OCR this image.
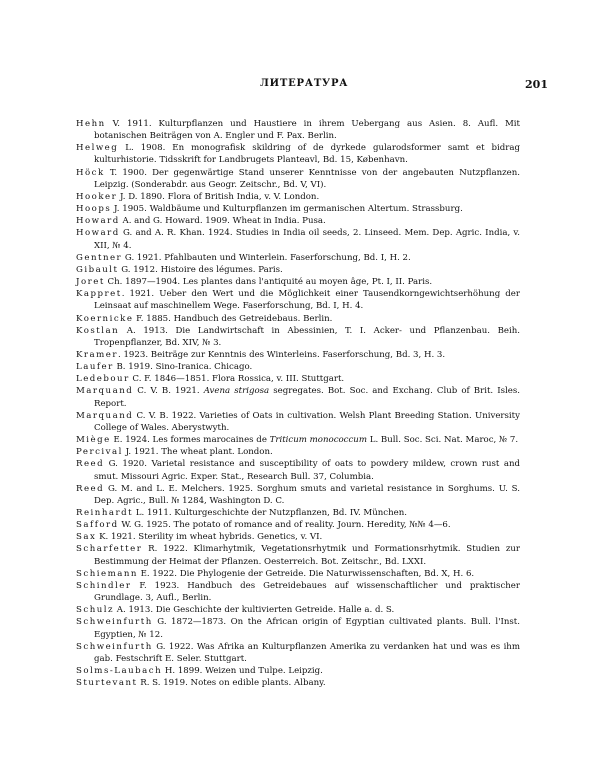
ЛИТЕРАТУРА	201
Hehn V. 1911. Kulturpflanzen und Haustiere in ihrem Uebergang aus Asien. 8. Aufl. Mit botanischen Beiträgen von A. Engler und F. Pax. Berlin.
Helweg L. 1908. En monografisk skildring of de dyrkede gularodsformer samt et bidrag kulturhistorie. Tidsskrift for Landbrugets Planteavl, Bd. 15, København.
Höck T. 1900. Der gegenwärtige Stand unserer Kenntnisse von der angebauten Nutzpflanzen. Leipzig. (Sonderabdr. aus Geogr. Zeitschr., Bd. V, VI).
Hooker J. D. 1890. Flora of British India, v. V. London.
Hoops J. 1905. Waldbäume und Kulturpflanzen im germanischen Altertum. Strassburg.
Howard A. and G. Howard. 1909. Wheat in India. Pusa.
Howard G. and A. R. Khan. 1924. Studies in India oil seeds, 2. Linseed. Mem. Dep. Agric. India, v. XII, № 4.
Gentner G. 1921. Pfahlbauten und Winterlein. Faserforschung, Bd. I, H. 2.
Gibault G. 1912. Histoire des légumes. Paris.
Joret Ch. 1897—1904. Les plantes dans l'antiquité au moyen âge, Pt. I, II. Paris.
Kappret. 1921. Ueber den Wert und die Möglichkeit einer Tausendkorngewichtserhöhung der Leinsaat auf maschinellem Wege. Faserforschung, Bd. I, H. 4.
Koernicke F. 1885. Handbuch des Getreidebaus. Berlin.
Kostlan A. 1913. Die Landwirtschaft in Abessinien, T. I. Acker- und Pflanzenbau. Beih. Tropenpflanzer, Bd. XIV, № 3.
Kramer. 1923. Beiträge zur Kenntnis des Winterleins. Faserforschung, Bd. 3, H. 3.
Laufer B. 1919. Sino-Iranica. Chicago.
Ledebour C. F. 1846—1851. Flora Rossica, v. III. Stuttgart.
Marquand C. V. B. 1921. Avena strigosa segregates. Bot. Soc. and Exchang. Club of Brit. Isles. Report.
Marquand C. V. B. 1922. Varieties of Oats in cultivation. Welsh Plant Breeding Station. University College of Wales. Aberystwyth.
Miège E. 1924. Les formes marocaines de Triticum monococcum L. Bull. Soc. Sci. Nat. Maroc, № 7.
Percival J. 1921. The wheat plant. London.
Reed G. 1920. Varietal resistance and susceptibility of oats to powdery mildew, crown rust and smut. Missouri Agric. Exper. Stat., Research Bull. 37, Columbia.
Reed G. M. and L. E. Melchers. 1925. Sorghum smuts and varietal resistance in Sorghums. U. S. Dep. Agric., Bull. № 1284, Washington D. C.
Reinhardt L. 1911. Kulturgeschichte der Nutzpflanzen, Bd. IV. München.
Safford W. G. 1925. The potato of romance and of reality. Journ. Heredity, №№ 4—6.
Sax K. 1921. Sterility im wheat hybrids. Genetics, v. VI.
Scharfetter R. 1922. Klimarhytmik, Vegetationsrhytmik und Formationsrhytmik. Studien zur Bestimmung der Heimat der Pflanzen. Oesterreich. Bot. Zeitschr., Bd. LXXI.
Schiemann E. 1922. Die Phylogenie der Getreide. Die Naturwissenschaften, Bd. X, H. 6.
Schindler F. 1923. Handbuch des Getreidebaues auf wissenschaftlicher und praktischer Grundlage. 3, Aufl., Berlin.
Schulz A. 1913. Die Geschichte der kultivierten Getreide. Halle a. d. S.
Schweinfurth G. 1872—1873. On the African origin of Egyptian cultivated plants. Bull. l'Inst. Egyptien, № 12.
Schweinfurth G. 1922. Was Afrika an Kulturpflanzen Amerika zu verdanken hat und was es ihm gab. Festschrift E. Seler. Stuttgart.
Solms-Laubach H. 1899. Weizen und Tulpe. Leipzig.
Sturtevant R. S. 1919. Notes on edible plants. Albany.
